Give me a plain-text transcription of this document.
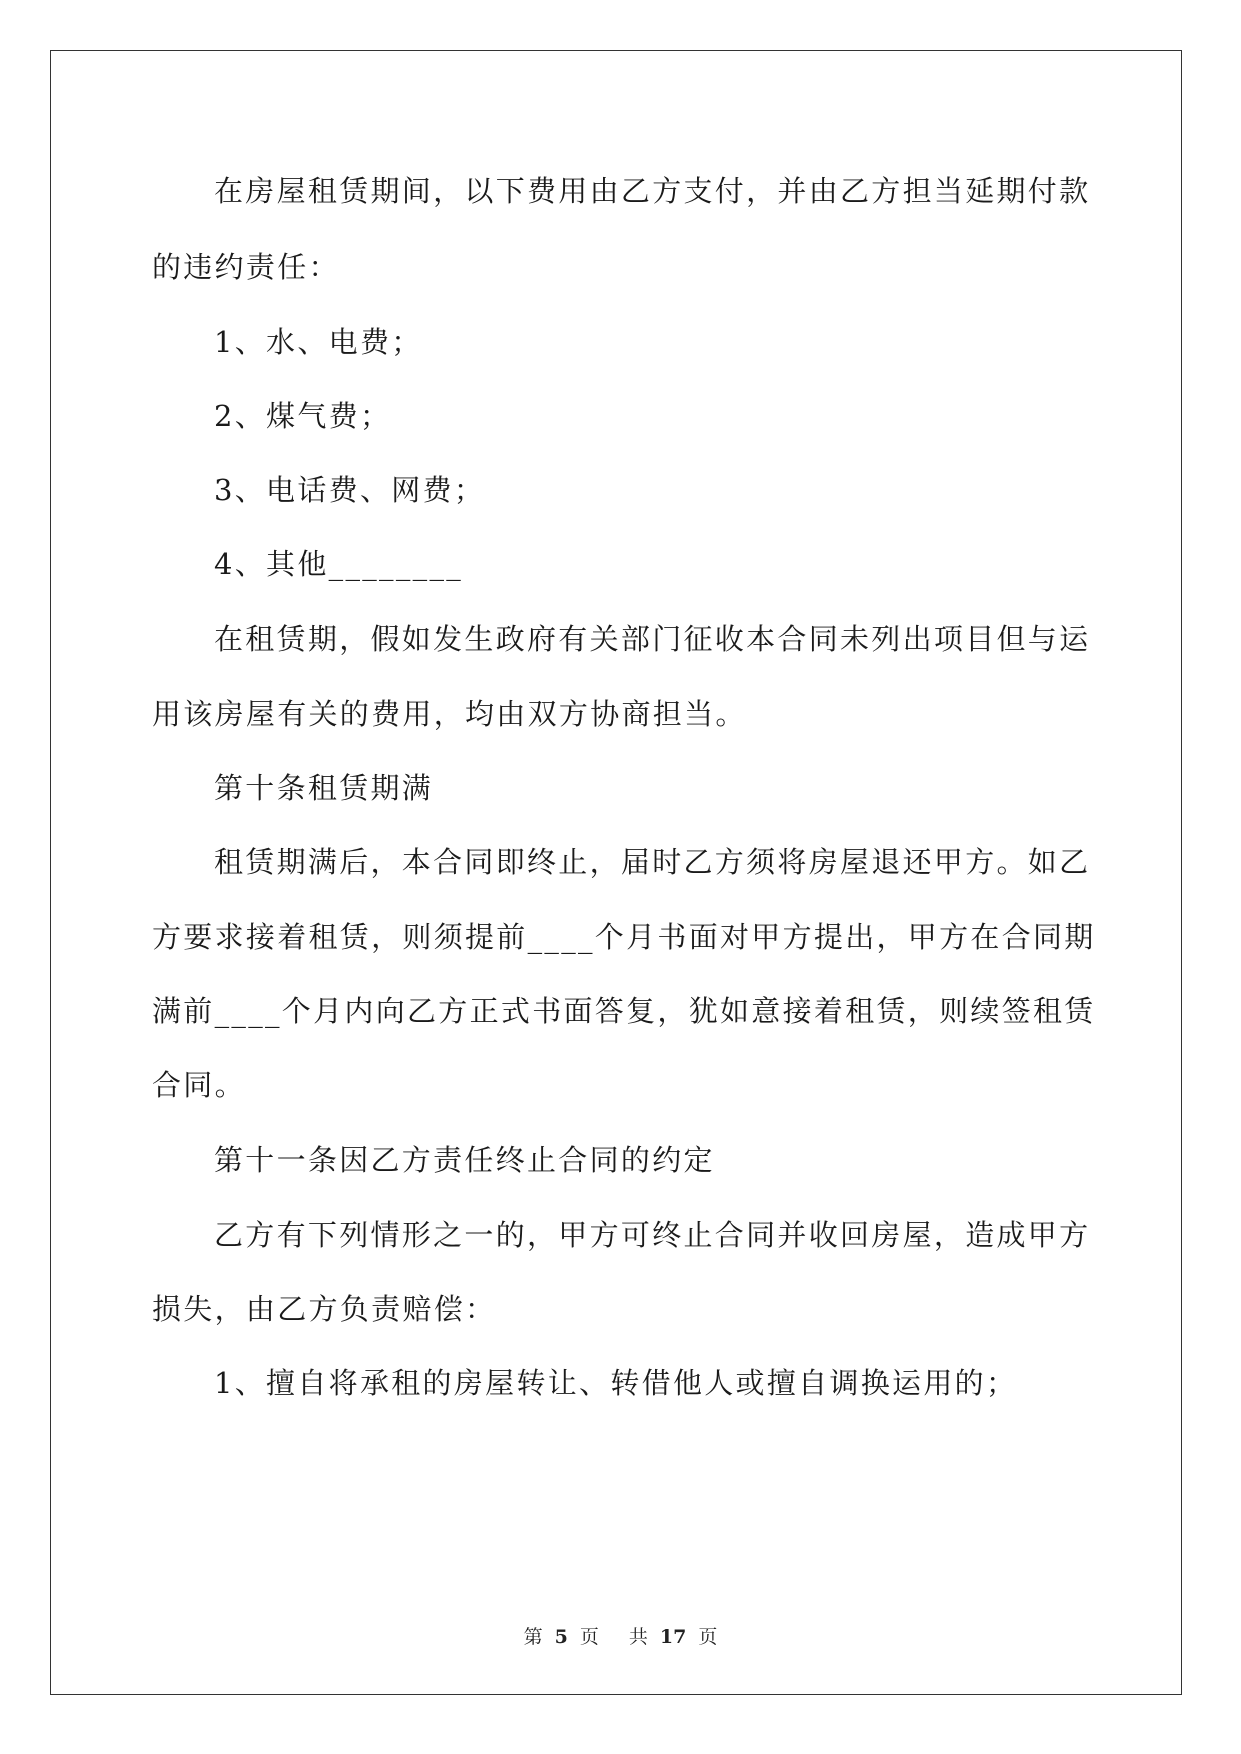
在房屋租赁期间，以下费用由乙方支付，并由乙方担当延期付款
的违约责任：
1、水、电费；
2、煤气费；
3、电话费、网费；
4、其他________
在租赁期，假如发生政府有关部门征收本合同未列出项目但与运
用该房屋有关的费用，均由双方协商担当。
第十条租赁期满
租赁期满后，本合同即终止，届时乙方须将房屋退还甲方。如乙
方要求接着租赁，则须提前____个月书面对甲方提出，甲方在合同期
满前____个月内向乙方正式书面答复，犹如意接着租赁，则续签租赁
合同。
第十一条因乙方责任终止合同的约定
乙方有下列情形之一的，甲方可终止合同并收回房屋，造成甲方
损失，由乙方负责赔偿：
1、擅自将承租的房屋转让、转借他人或擅自调换运用的；
第 5 页 共 17 页
